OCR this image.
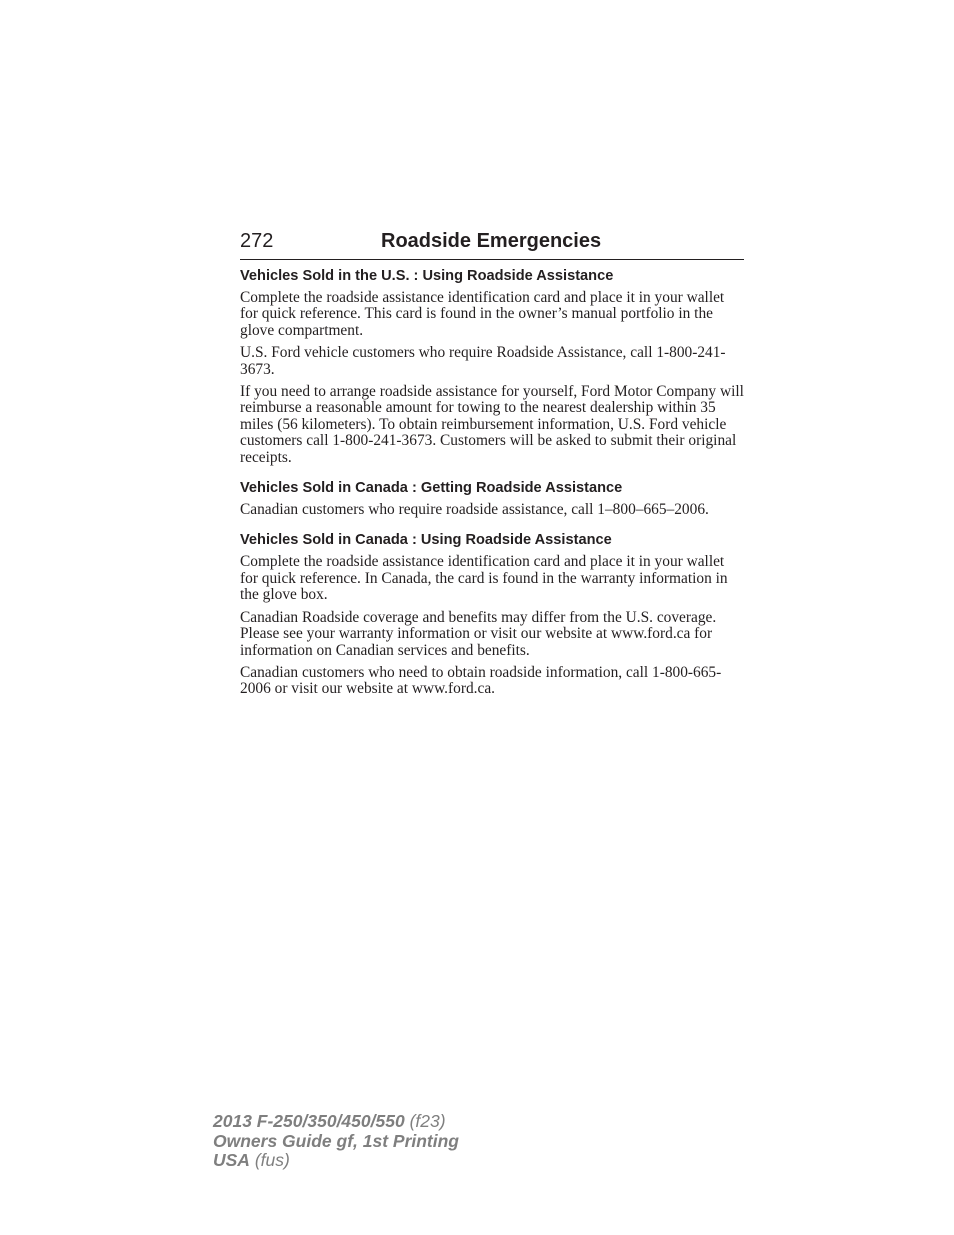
272	Roadside Emergencies
Vehicles Sold in the U.S. : Using Roadside Assistance

Complete the roadside assistance identification card and place it in your wallet for quick reference. This card is found in the owner’s manual portfolio in the glove compartment.

U.S. Ford vehicle customers who require Roadside Assistance, call 1-800-241-3673.

If you need to arrange roadside assistance for yourself, Ford Motor Company will reimburse a reasonable amount for towing to the nearest dealership within 35 miles (56 kilometers). To obtain reimbursement information, U.S. Ford vehicle customers call 1-800-241-3673. Customers will be asked to submit their original receipts.

Vehicles Sold in Canada : Getting Roadside Assistance

Canadian customers who require roadside assistance, call 1–800–665–2006.

Vehicles Sold in Canada : Using Roadside Assistance

Complete the roadside assistance identification card and place it in your wallet for quick reference. In Canada, the card is found in the warranty information in the glove box.

Canadian Roadside coverage and benefits may differ from the U.S. coverage. Please see your warranty information or visit our website at www.ford.ca for information on Canadian services and benefits.

Canadian customers who need to obtain roadside information, call 1-800-665-2006 or visit our website at www.ford.ca.

2013 F-250/350/450/550 (f23)
Owners Guide gf, 1st Printing
USA (fus)
